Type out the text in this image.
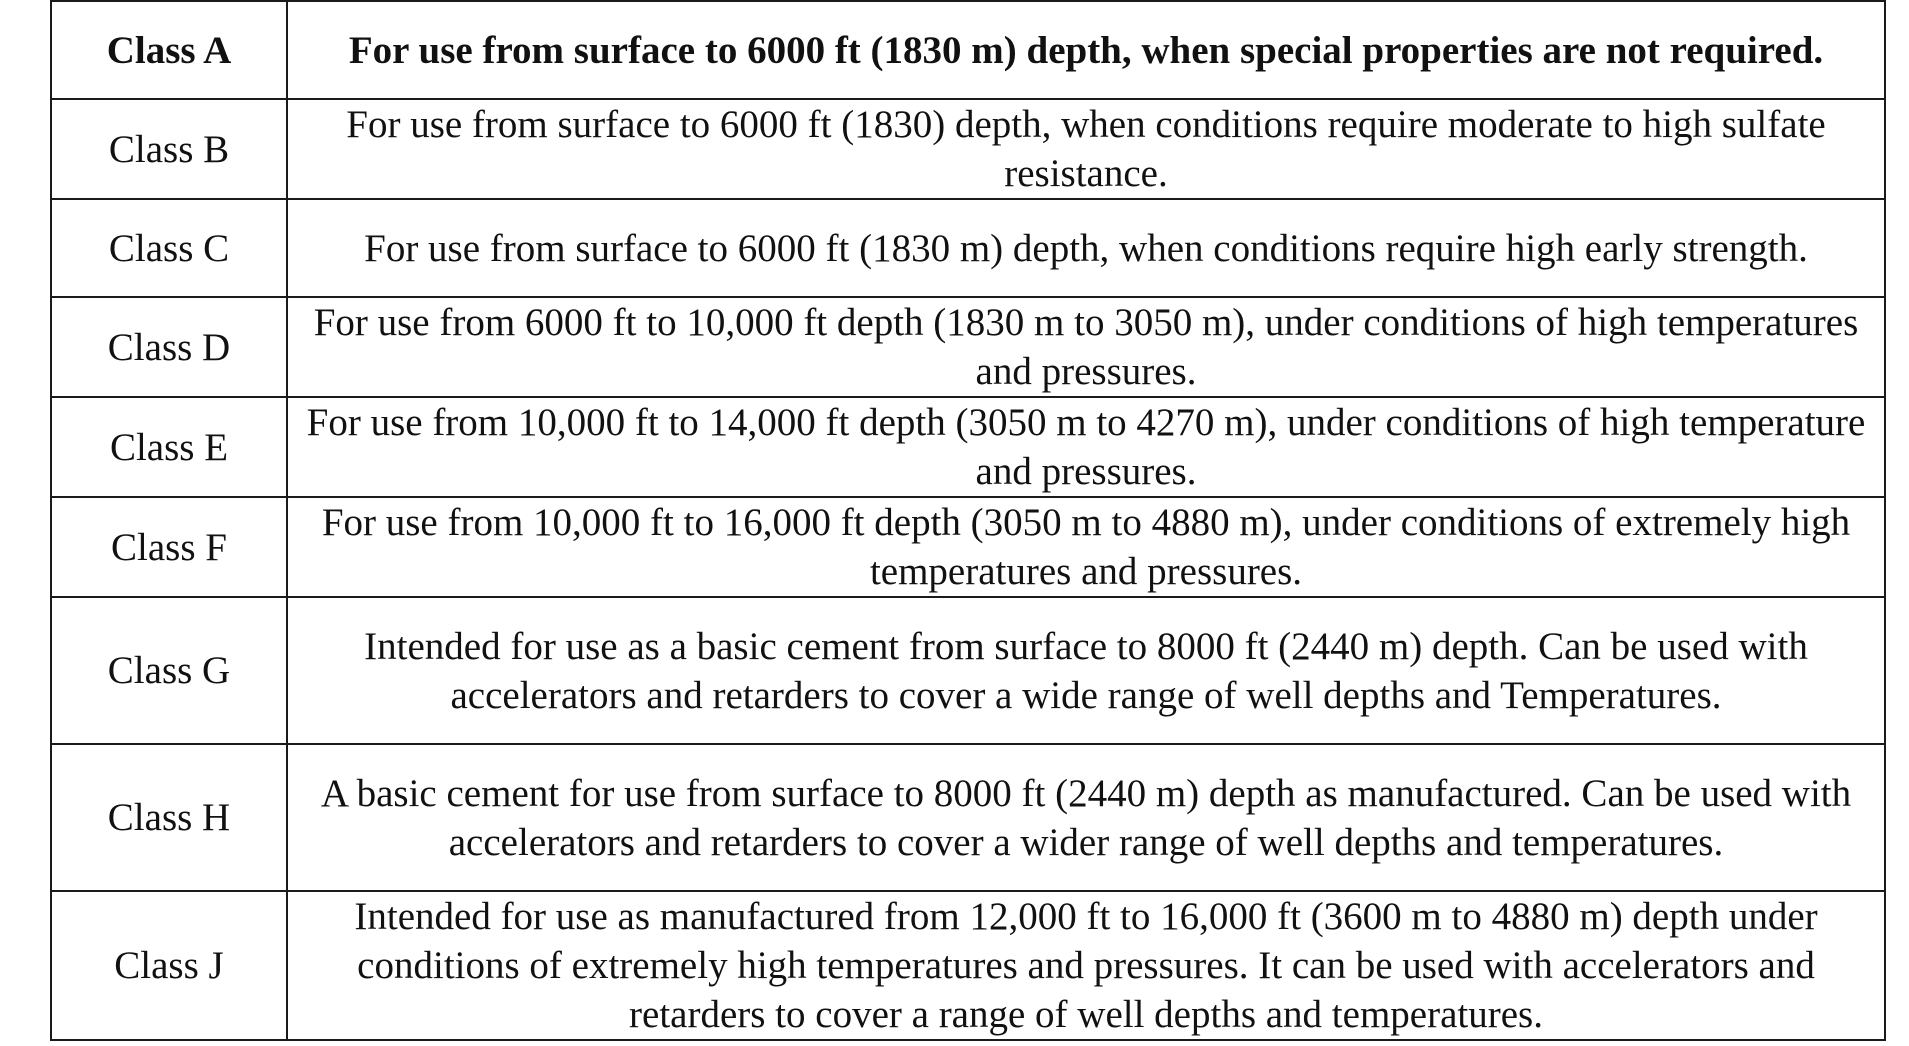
Class A	For use from surface to 6000 ft (1830 m) depth, when special properties are not required.
Class B	For use from surface to 6000 ft (1830) depth, when conditions require moderate to high sulfate resistance.
Class C	For use from surface to 6000 ft (1830 m) depth, when conditions require high early strength.
Class D	For use from 6000 ft to 10,000 ft depth (1830 m to 3050 m), under conditions of high temperatures and pressures.
Class E	For use from 10,000 ft to 14,000 ft depth (3050 m to 4270 m), under conditions of high temperature and pressures.
Class F	For use from 10,000 ft to 16,000 ft depth (3050 m to 4880 m), under conditions of extremely high temperatures and pressures.
Class G	Intended for use as a basic cement from surface to 8000 ft (2440 m) depth. Can be used with accelerators and retarders to cover a wide range of well depths and Temperatures.
Class H	A basic cement for use from surface to 8000 ft (2440 m) depth as manufactured. Can be used with accelerators and retarders to cover a wider range of well depths and temperatures.
Class J	Intended for use as manufactured from 12,000 ft to 16,000 ft (3600 m to 4880 m) depth under conditions of extremely high temperatures and pressures. It can be used with accelerators and retarders to cover a range of well depths and temperatures.
